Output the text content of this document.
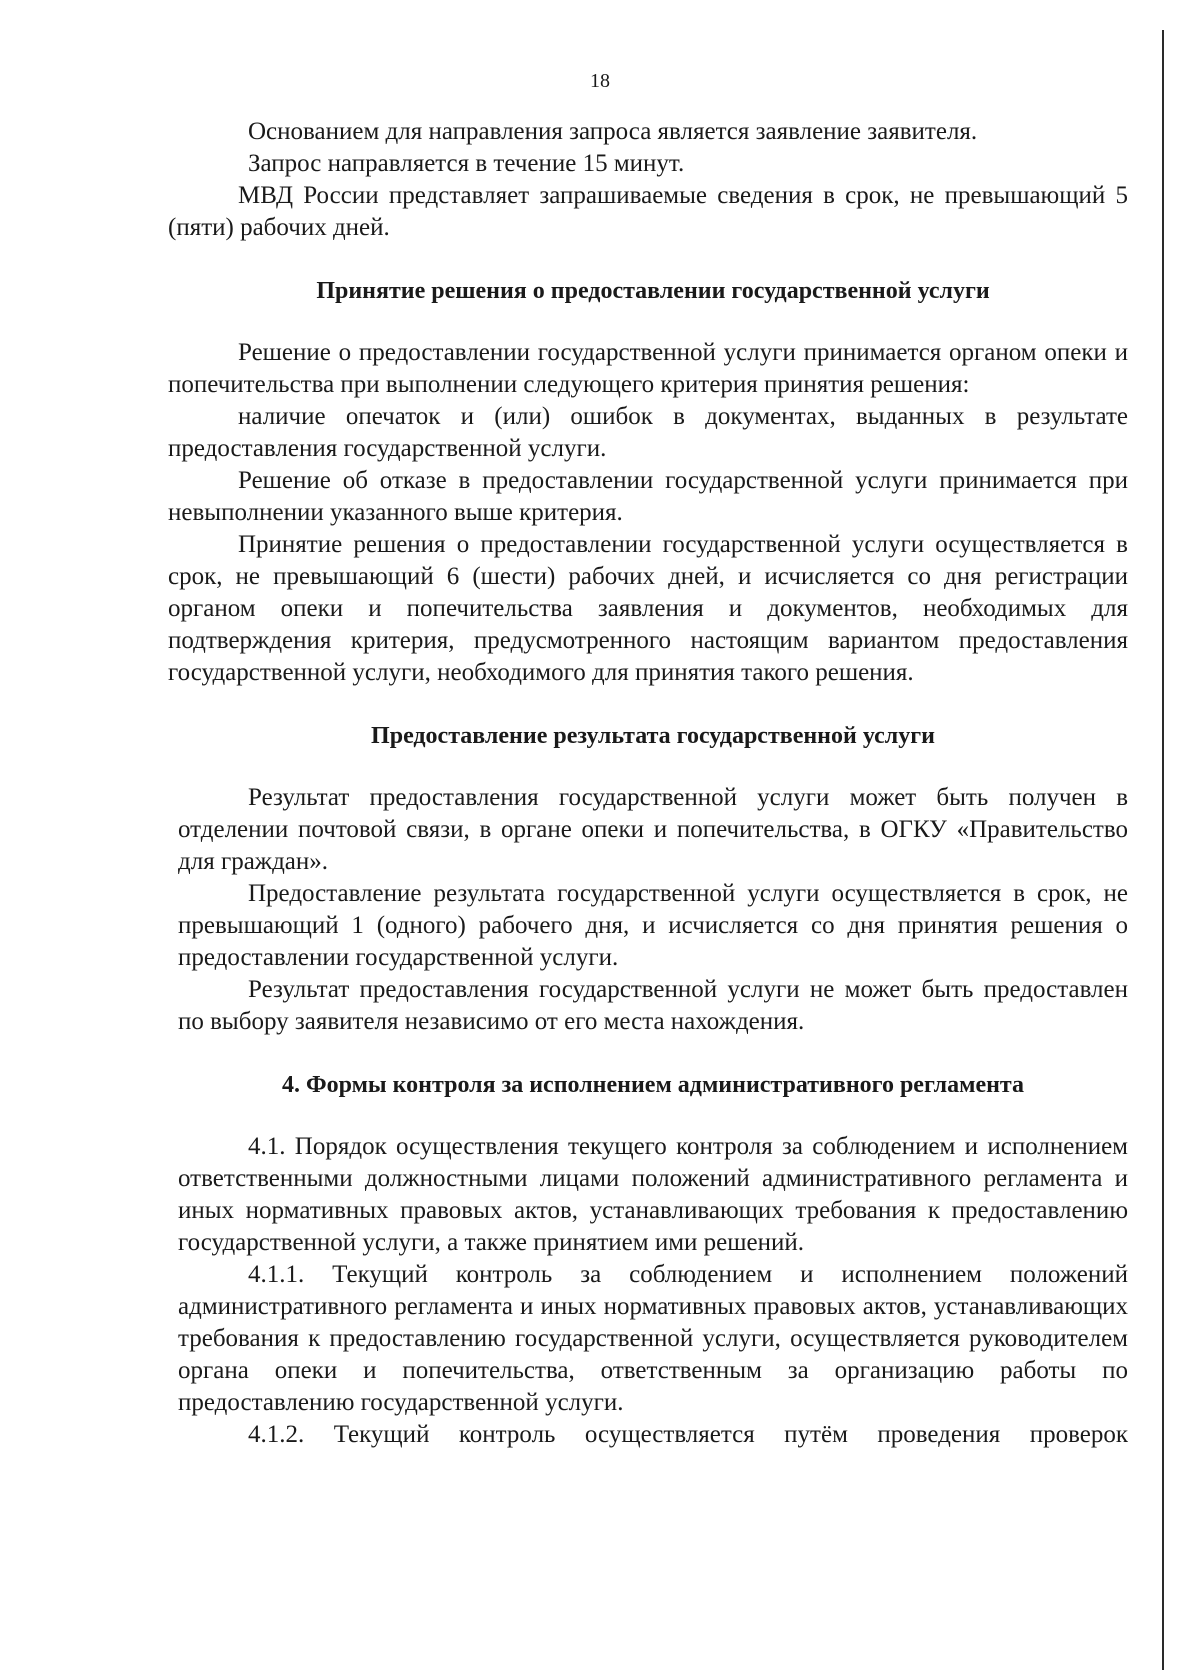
18

Основанием для направления запроса является заявление заявителя.

Запрос направляется в течение 15 минут.

МВД России представляет запрашиваемые сведения в срок, не превышающий 5 (пяти) рабочих дней.

Принятие решения о предоставлении государственной услуги

Решение о предоставлении государственной услуги принимается органом опеки и попечительства при выполнении следующего критерия принятия решения:

наличие опечаток и (или) ошибок в документах, выданных в результате предоставления государственной услуги.

Решение об отказе в предоставлении государственной услуги принимается при невыполнении указанного выше критерия.

Принятие решения о предоставлении государственной услуги осуществляется в срок, не превышающий 6 (шести) рабочих дней, и исчисляется со дня регистрации органом опеки и попечительства заявления и документов, необходимых для подтверждения критерия, предусмотренного настоящим вариантом предоставления государственной услуги, необходимого для принятия такого решения.

Предоставление результата государственной услуги

Результат предоставления государственной услуги может быть получен в отделении почтовой связи, в органе опеки и попечительства, в ОГКУ «Правительство для граждан».

Предоставление результата государственной услуги осуществляется в срок, не превышающий 1 (одного) рабочего дня, и исчисляется со дня принятия решения о предоставлении государственной услуги.

Результат предоставления государственной услуги не может быть предоставлен по выбору заявителя независимо от его места нахождения.

4. Формы контроля за исполнением административного регламента

4.1. Порядок осуществления текущего контроля за соблюдением и исполнением ответственными должностными лицами положений административного регламента и иных нормативных правовых актов, устанавливающих требования к предоставлению государственной услуги, а также принятием ими решений.

4.1.1. Текущий контроль за соблюдением и исполнением положений административного регламента и иных нормативных правовых актов, устанавливающих требования к предоставлению государственной услуги, осуществляется руководителем органа опеки и попечительства, ответственным за организацию работы по предоставлению государственной услуги.

4.1.2. Текущий контроль осуществляется путём проведения проверок
